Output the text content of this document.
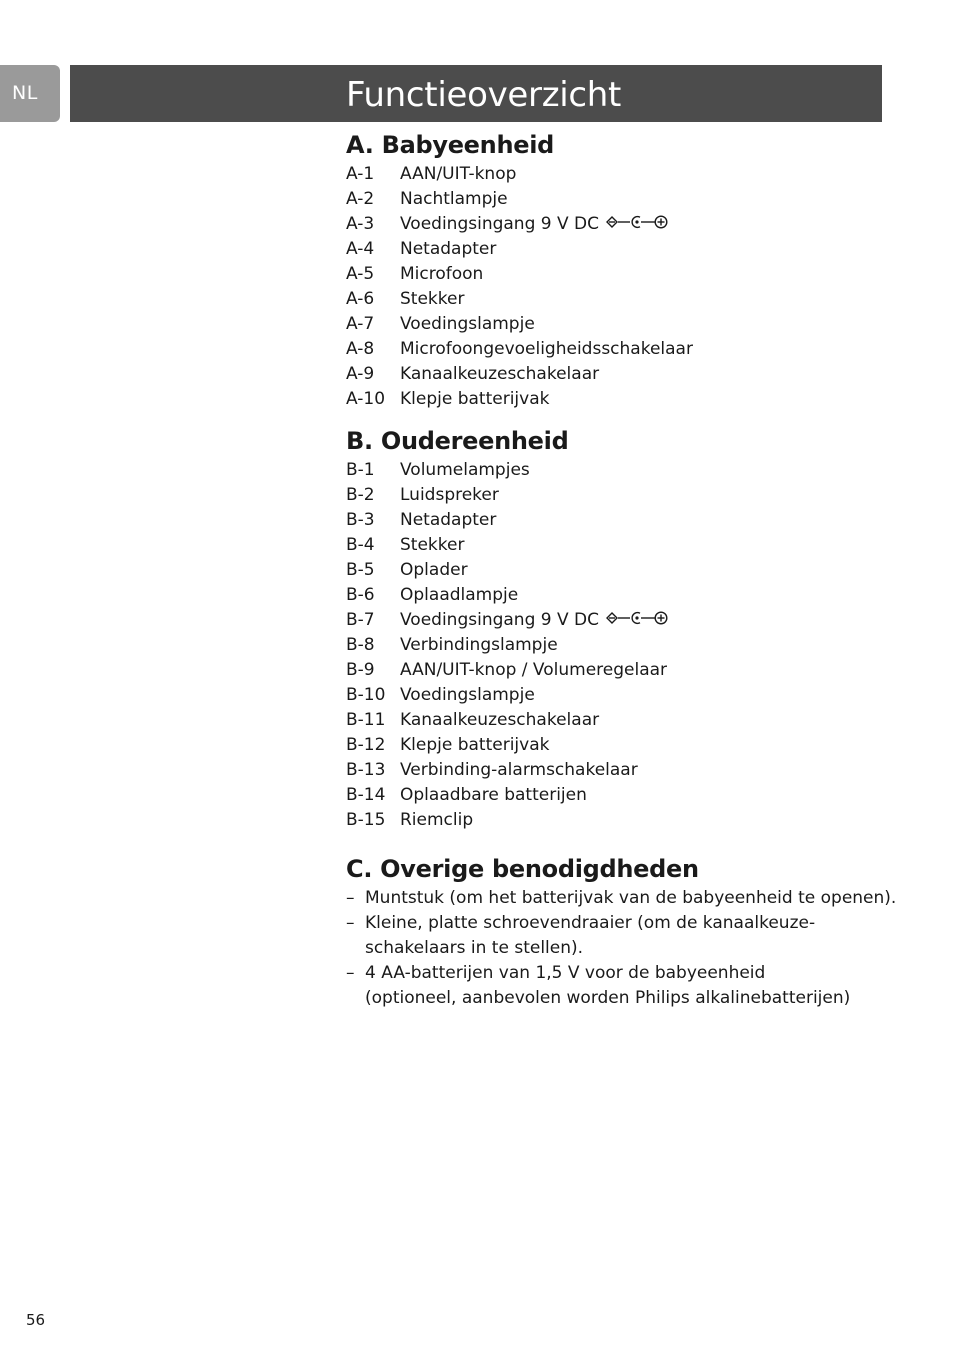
NL	Functieoverzicht
A. Babyeenheid
A-1 AAN/UIT-knop
A-2 Nachtlampje
A-3 Voedingsingang 9 V DC
A-4 Netadapter
A-5 Microfoon
A-6 Stekker
A-7 Voedingslampje
A-8 Microfoongevoeligheidsschakelaar
A-9 Kanaalkeuzeschakelaar
A-10 Klepje batterijvak
B. Oudereenheid
B-1 Volumelampjes
B-2 Luidspreker
B-3 Netadapter
B-4 Stekker
B-5 Oplader
B-6 Oplaadlampje
B-7 Voedingsingang 9 V DC
B-8 Verbindingslampje
B-9 AAN/UIT-knop / Volumeregelaar
B-10 Voedingslampje
B-11 Kanaalkeuzeschakelaar
B-12 Klepje batterijvak
B-13 Verbinding-alarmschakelaar
B-14 Oplaadbare batterijen
B-15 Riemclip
C. Overige benodigdheden
– Muntstuk (om het batterijvak van de babyeenheid te openen).
– Kleine, platte schroevendraaier (om de kanaalkeuze-
schakelaars in te stellen).
– 4 AA-batterijen van 1,5 V voor de babyeenheid
(optioneel, aanbevolen worden Philips alkalinebatterijen)
56
